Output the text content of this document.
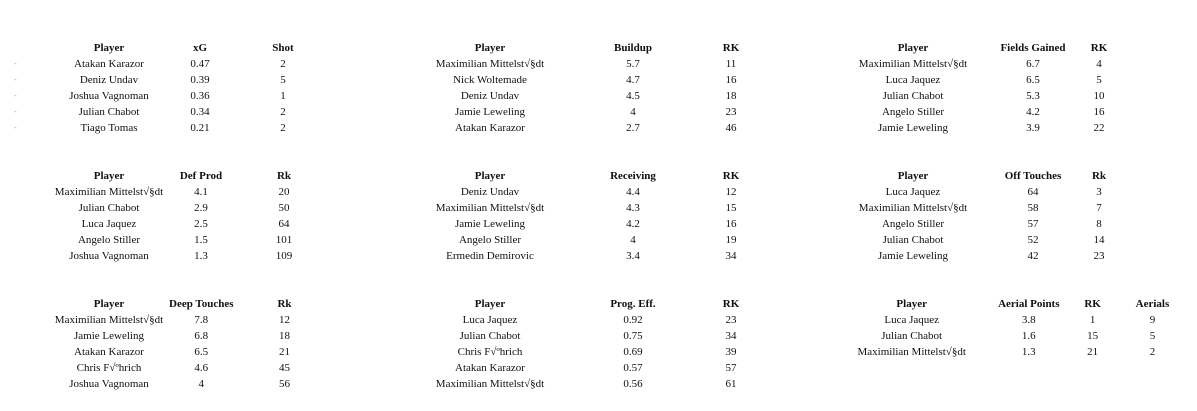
-
-
-
-
-
Player	xG	Shot
Atakan Karazor	0.47	2
Deniz Undav	0.39	5
Joshua Vagnoman	0.36	1
Julian Chabot	0.34	2
Tiago Tomas	0.21	2
Player	Buildup	RK
Maximilian Mittelst√§dt	5.7	11
Nick Woltemade	4.7	16
Deniz Undav	4.5	18
Jamie Leweling	4	23
Atakan Karazor	2.7	46
Player	Fields Gained	RK
Maximilian Mittelst√§dt	6.7	4
Luca Jaquez	6.5	5
Julian Chabot	5.3	10
Angelo Stiller	4.2	16
Jamie Leweling	3.9	22
Player	Def Prod	Rk
Maximilian Mittelst√§dt	4.1	20
Julian Chabot	2.9	50
Luca Jaquez	2.5	64
Angelo Stiller	1.5	101
Joshua Vagnoman	1.3	109
Player	Receiving	RK
Deniz Undav	4.4	12
Maximilian Mittelst√§dt	4.3	15
Jamie Leweling	4.2	16
Angelo Stiller	4	19
Ermedin Demirovic	3.4	34
Player	Off Touches	Rk
Luca Jaquez	64	3
Maximilian Mittelst√§dt	58	7
Angelo Stiller	57	8
Julian Chabot	52	14
Jamie Leweling	42	23
Player	Deep Touches	Rk
Maximilian Mittelst√§dt	7.8	12
Jamie Leweling	6.8	18
Atakan Karazor	6.5	21
Chris F√ºhrich	4.6	45
Joshua Vagnoman	4	56
Player	Prog. Eff.	RK
Luca Jaquez	0.92	23
Julian Chabot	0.75	34
Chris F√ºhrich	0.69	39
Atakan Karazor	0.57	57
Maximilian Mittelst√§dt	0.56	61
Player	Aerial Points	RK	Aerials
Luca Jaquez	3.8	1	9
Julian Chabot	1.6	15	5
Maximilian Mittelst√§dt	1.3	21	2
